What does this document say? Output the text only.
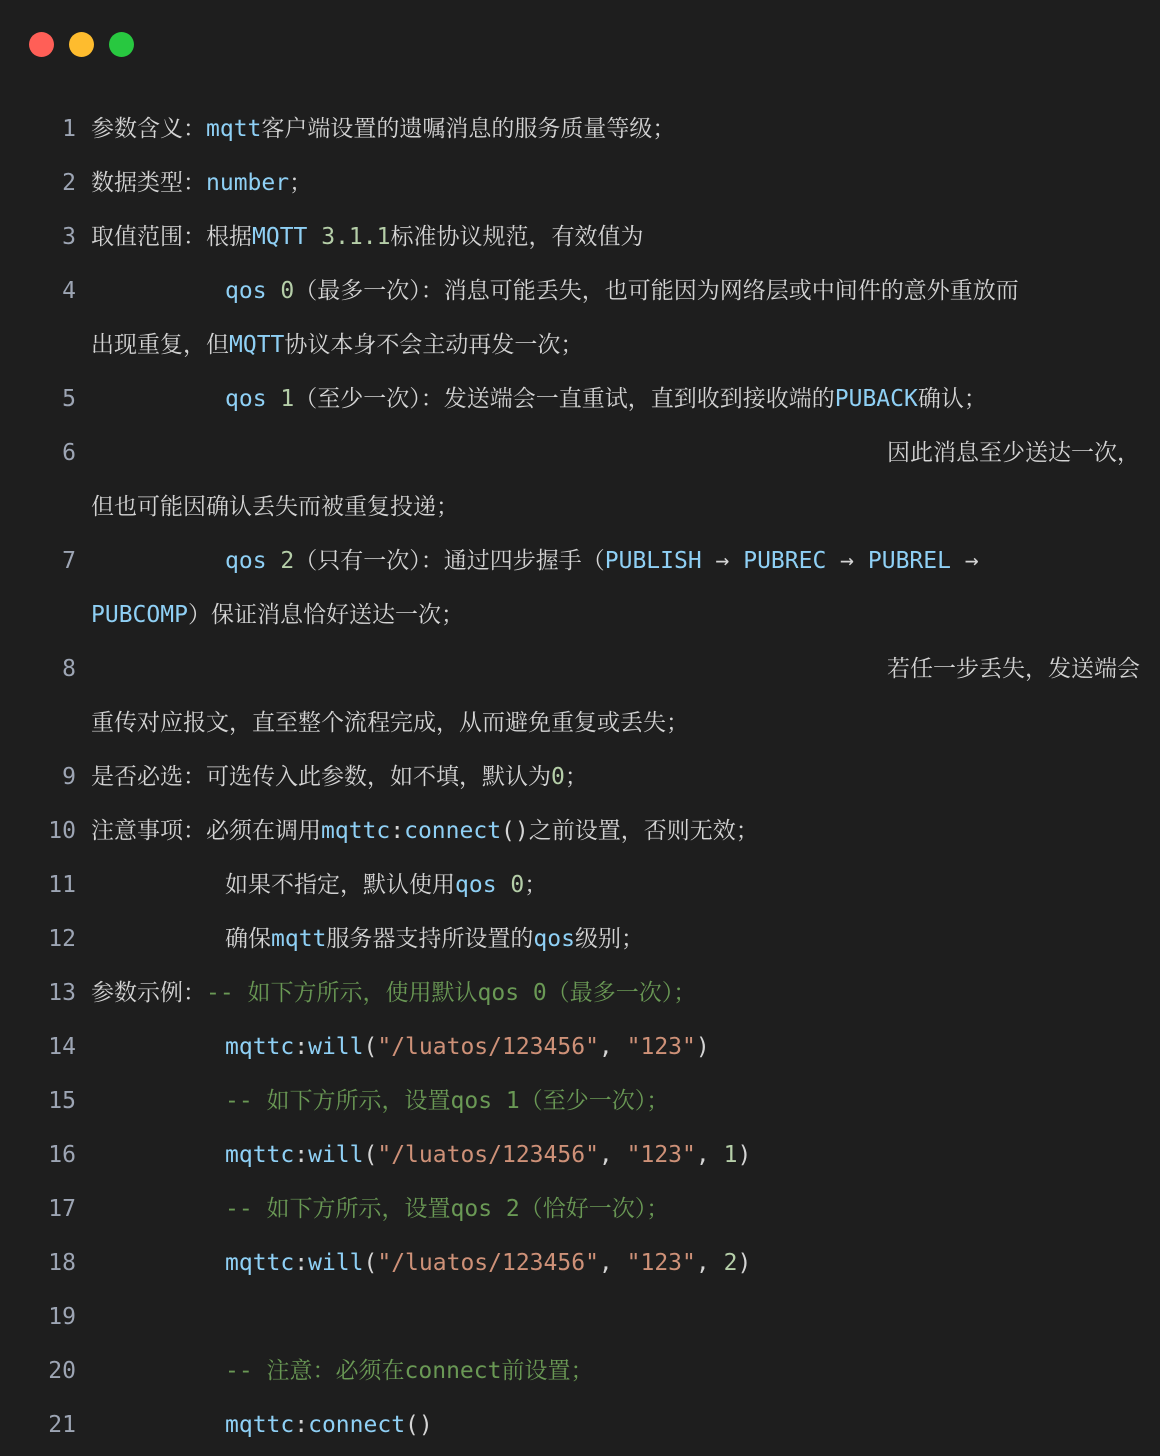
1 参数含义：mqtt客户端设置的遗嘱消息的服务质量等级；
2 数据类型：number；
3 取值范围：根据MQTT 3.1.1标准协议规范，有效值为
4	qos 0（最多一次）：消息可能丢失，也可能因为网络层或中间件的意外重放而
出现重复，但MQTT协议本身不会主动再发一次；
5	qos 1（至少一次）：发送端会一直重试，直到收到接收端的PUBACK确认；
6	因此消息至少送达一次，
但也可能因确认丢失而被重复投递；
7	qos 2（只有一次）：通过四步握手（PUBLISH → PUBREC → PUBREL →
PUBCOMP）保证消息恰好送达一次；
8	若任一步丢失，发送端会
重传对应报文，直至整个流程完成，从而避免重复或丢失；
9 是否必选：可选传入此参数，如不填，默认为0；
10 注意事项：必须在调用mqttc:connect()之前设置，否则无效；
11	如果不指定，默认使用qos 0；
12	确保mqtt服务器支持所设置的qos级别；
13 参数示例：-- 如下方所示，使用默认qos 0（最多一次）；
14	mqttc:will("/luatos/123456", "123")
15	-- 如下方所示，设置qos 1（至少一次）；
16	mqttc:will("/luatos/123456", "123", 1)
17	-- 如下方所示，设置qos 2（恰好一次）；
18	mqttc:will("/luatos/123456", "123", 2)
19
20	-- 注意：必须在connect前设置；
21	mqttc:connect()
